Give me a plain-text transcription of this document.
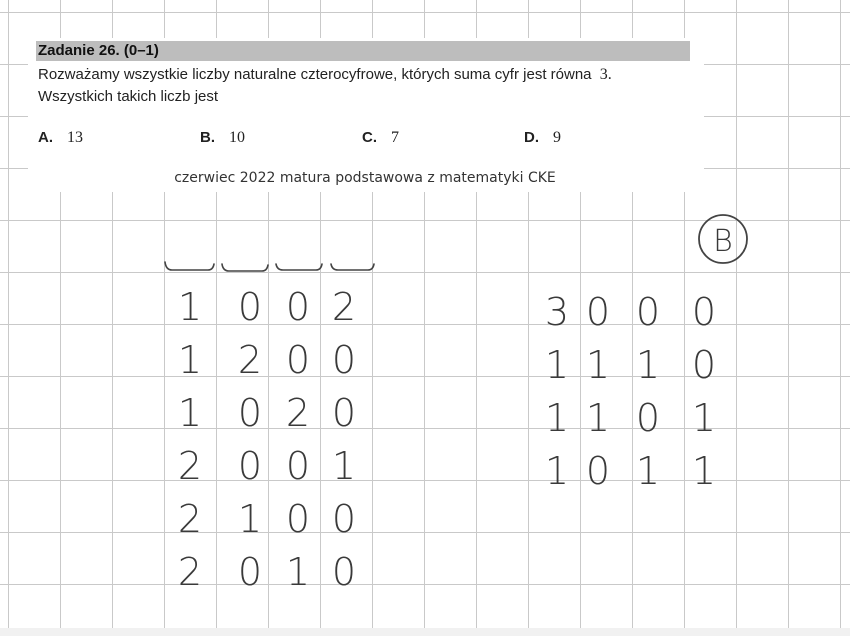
Zadanie 26. (0–1)
Rozważamy wszystkie liczby naturalne czterocyfrowe, których suma cyfr jest równa 3.
Wszystkich takich liczb jest
A. 13	B. 10	C. 7	D. 9
czerwiec 2022 matura podstawowa z matematyki CKE
B
1 0 0 2
1 2 0 0
1 0 2 0
2 0 0 1
2 1 0 0
2 0 1 0
3 0 0 0
1 1 1 0
1 1 0 1
1 0 1 1
